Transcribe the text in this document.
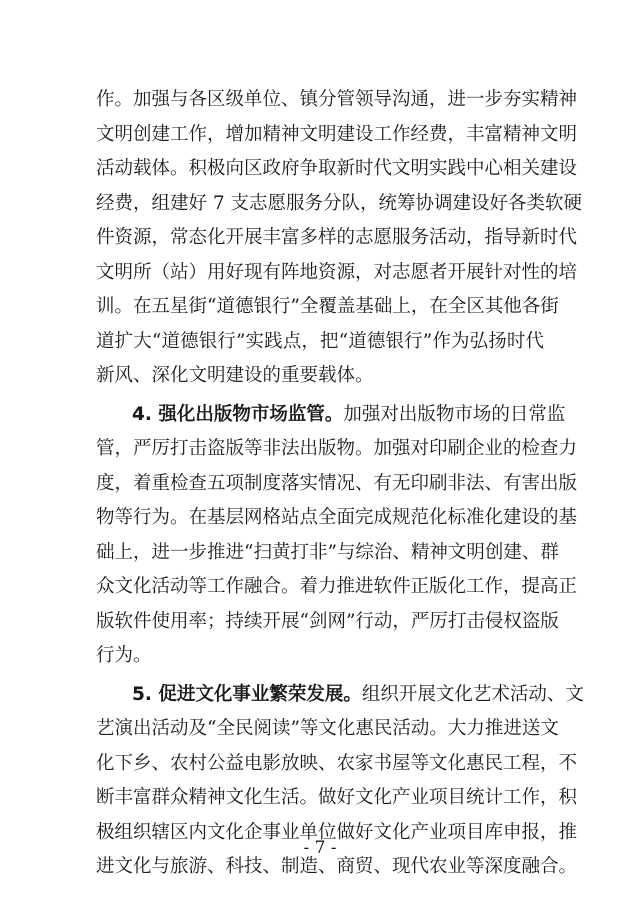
作。加强与各区级单位、镇分管领导沟通，进一步夯实精神
文明创建工作，增加精神文明建设工作经费，丰富精神文明
活动载体。积极向区政府争取新时代文明实践中心相关建设
经费，组建好 7 支志愿服务分队，统筹协调建设好各类软硬
件资源，常态化开展丰富多样的志愿服务活动，指导新时代
文明所（站）用好现有阵地资源，对志愿者开展针对性的培
训。在五星街“道德银行”全覆盖基础上，在全区其他各街
道扩大“道德银行”实践点，把“道德银行”作为弘扬时代
新风、深化文明建设的重要载体。
4. 强化出版物市场监管。加强对出版物市场的日常监
管，严厉打击盗版等非法出版物。加强对印刷企业的检查力
度，着重检查五项制度落实情况、有无印刷非法、有害出版
物等行为。在基层网格站点全面完成规范化标准化建设的基
础上，进一步推进“扫黄打非”与综治、精神文明创建、群
众文化活动等工作融合。着力推进软件正版化工作，提高正
版软件使用率；持续开展“剑网”行动，严厉打击侵权盗版
行为。
5. 促进文化事业繁荣发展。组织开展文化艺术活动、文
艺演出活动及“全民阅读”等文化惠民活动。大力推进送文
化下乡、农村公益电影放映、农家书屋等文化惠民工程，不
断丰富群众精神文化生活。做好文化产业项目统计工作，积
- 7 -
极组织辖区内文化企事业单位做好文化产业项目库申报，推
进文化与旅游、科技、制造、商贸、现代农业等深度融合。
